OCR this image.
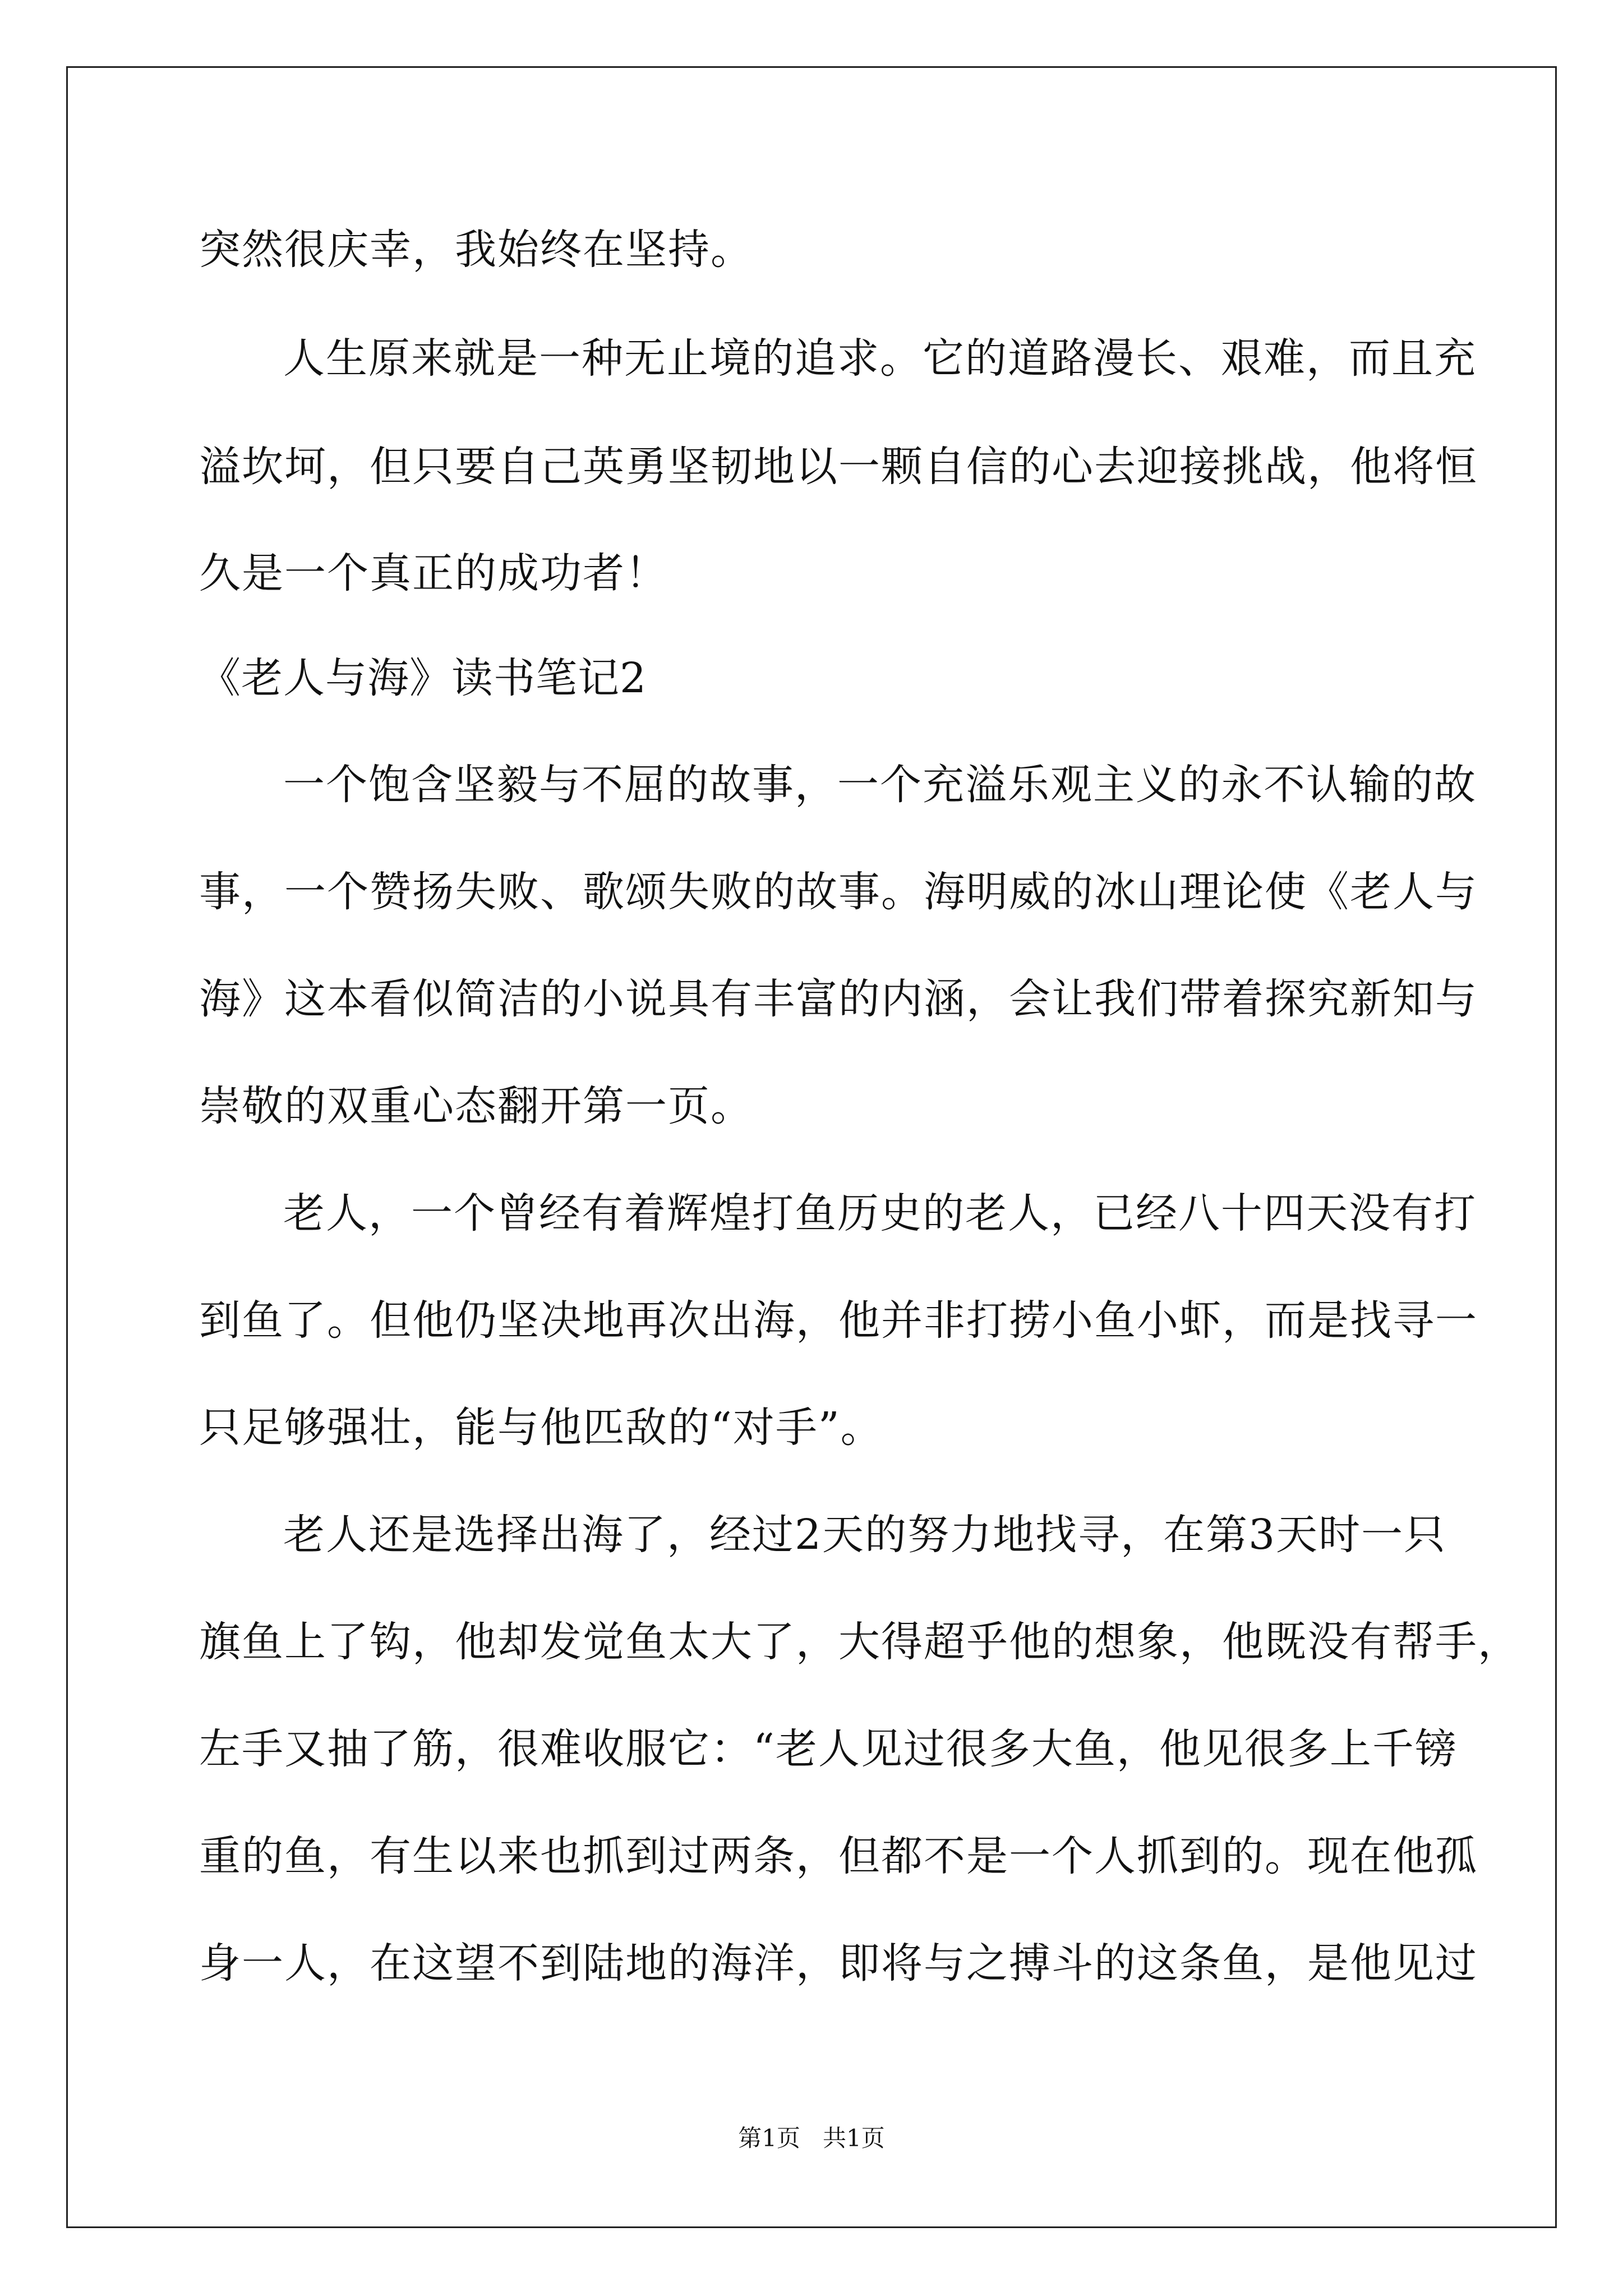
突然很庆幸，我始终在坚持。
人生原来就是一种无止境的追求。它的道路漫长、艰难，而且充
溢坎坷，但只要自己英勇坚韧地以一颗自信的心去迎接挑战，他将恒
久是一个真正的成功者！
《老人与海》读书笔记2
一个饱含坚毅与不屈的故事，一个充溢乐观主义的永不认输的故
事，一个赞扬失败、歌颂失败的故事。海明威的冰山理论使《老人与
海》这本看似简洁的小说具有丰富的内涵，会让我们带着探究新知与
崇敬的双重心态翻开第一页。
老人，一个曾经有着辉煌打鱼历史的老人，已经八十四天没有打
到鱼了。但他仍坚决地再次出海，他并非打捞小鱼小虾，而是找寻一
只足够强壮，能与他匹敌的“对手”。
老人还是选择出海了，经过2天的努力地找寻，在第3天时一只
旗鱼上了钩，他却发觉鱼太大了，大得超乎他的想象，他既没有帮手，
左手又抽了筋，很难收服它：“老人见过很多大鱼，他见很多上千镑
重的鱼，有生以来也抓到过两条，但都不是一个人抓到的。现在他孤
身一人，在这望不到陆地的海洋，即将与之搏斗的这条鱼，是他见过
第1页   共1页
